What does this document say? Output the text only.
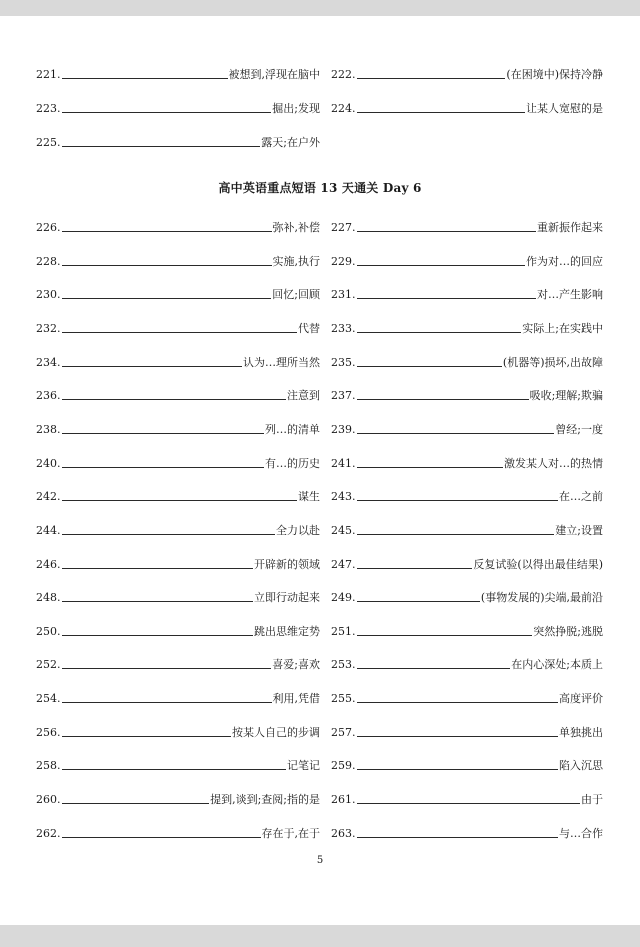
221.	被想到,浮现在脑中 222.	(在困境中)保持冷静
223.	掘出;发现 224.	让某人宽慰的是
225.	露天;在户外
高中英语重点短语 13 天通关 Day 6
226.	弥补,补偿 227.	重新振作起来
228.	实施,执行 229.	作为对…的回应
230.	回忆;回顾 231.	对…产生影响
232.	代替 233.	实际上;在实践中
234.	认为…理所当然 235.	(机器等)损坏,出故障
236.	注意到 237.	吸收;理解;欺骗
238.	列…的清单 239.	曾经;一度
240.	有…的历史 241.	激发某人对…的热情
242.	谋生 243.	在…之前
244.	全力以赴 245.	建立;设置
246.	开辟新的领域 247.	反复试验(以得出最佳结果)
248.	立即行动起来 249.	(事物发展的)尖端,最前沿
250.	跳出思维定势 251.	突然挣脱;逃脱
252.	喜爱;喜欢 253.	在内心深处;本质上
254.	利用,凭借 255.	高度评价
256.	按某人自己的步调 257.	单独挑出
258.	记笔记 259.	陷入沉思
260.	提到,谈到;查阅;指的是 261.	由于
262.	存在于,在于 263.	与…合作
5
